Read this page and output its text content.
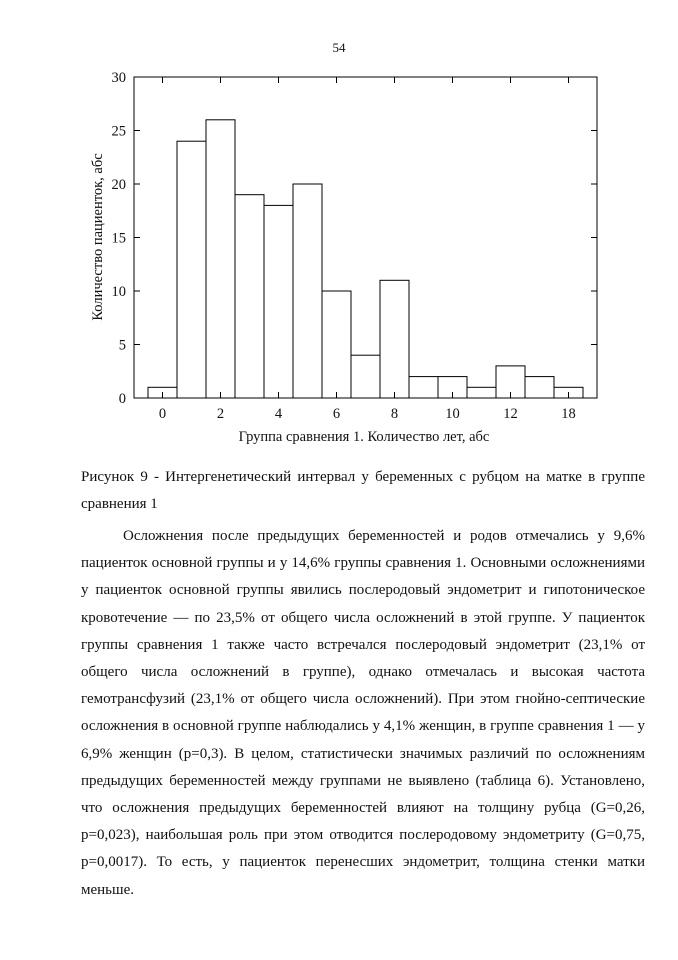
54
0
5
10
15
20
25
30
0	2	4	6	8	10	12	18
Группа сравнения 1. Количество лет, абс
Количество пациенток, абс
Рисунок 9 - Интергенетический интервал у беременных с рубцом на матке в группе сравнения 1

Осложнения после предыдущих беременностей и родов отмечались у 9,6% пациенток основной группы и у 14,6% группы сравнения 1. Основными осложнениями у пациенток основной группы явились послеродовый эндометрит и гипотоническое кровотечение — по 23,5% от общего числа осложнений в этой группе. У пациенток группы сравнения 1 также часто встречался послеродовый эндометрит (23,1% от общего числа осложнений в группе), однако отмечалась и высокая частота гемотрансфузий (23,1% от общего числа осложнений). При этом гнойно-септические осложнения в основной группе наблюдались у 4,1% женщин, в группе сравнения 1 — у 6,9% женщин (p=0,3). В целом, статистически значимых различий по осложнениям предыдущих беременностей между группами не выявлено (таблица 6). Установлено, что осложнения предыдущих беременностей влияют на толщину рубца (G=0,26, p=0,023), наибольшая роль при этом отводится послеродовому эндометриту (G=0,75, p=0,0017). То есть, у пациенток перенесших эндометрит, толщина стенки матки меньше.
